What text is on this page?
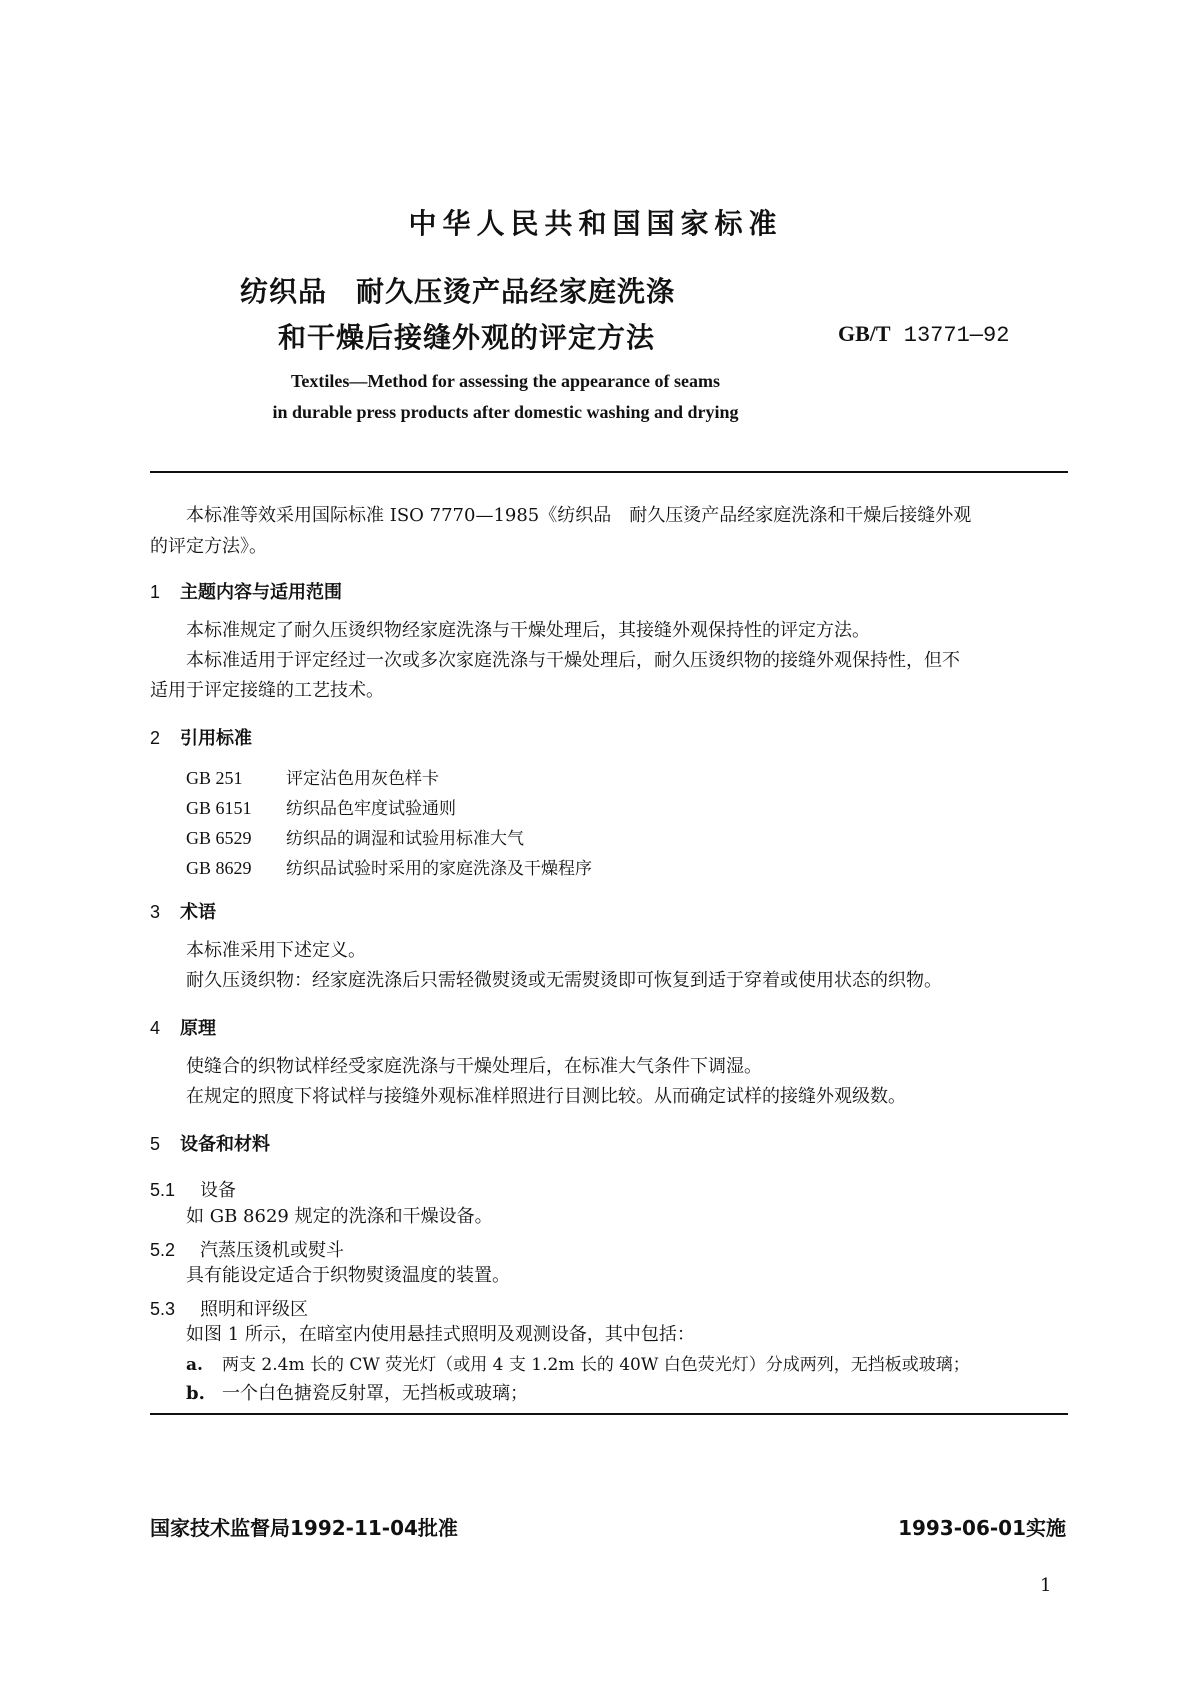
中华人民共和国国家标准
纺织品　耐久压烫产品经家庭洗涤
和干燥后接缝外观的评定方法	GB/T 13771—92
Textiles—Method for assessing the appearance of seams
in durable press products after domestic washing and drying
本标准等效采用国际标准 ISO 7770—1985《纺织品　耐久压烫产品经家庭洗涤和干燥后接缝外观
的评定方法》。
1 主题内容与适用范围
本标准规定了耐久压烫织物经家庭洗涤与干燥处理后，其接缝外观保持性的评定方法。
本标准适用于评定经过一次或多次家庭洗涤与干燥处理后，耐久压烫织物的接缝外观保持性，但不
适用于评定接缝的工艺技术。
2 引用标准
GB 251	评定沾色用灰色样卡
GB 6151 纺织品色牢度试验通则
GB 6529 纺织品的调湿和试验用标准大气
GB 8629 纺织品试验时采用的家庭洗涤及干燥程序
3 术语
本标准采用下述定义。
耐久压烫织物：经家庭洗涤后只需轻微熨烫或无需熨烫即可恢复到适于穿着或使用状态的织物。
4 原理
使缝合的织物试样经受家庭洗涤与干燥处理后，在标准大气条件下调湿。
在规定的照度下将试样与接缝外观标准样照进行目测比较。从而确定试样的接缝外观级数。
5 设备和材料
5.1 设备
如 GB 8629 规定的洗涤和干燥设备。
5.2 汽蒸压烫机或熨斗
具有能设定适合于织物熨烫温度的装置。
5.3 照明和评级区
如图 1 所示，在暗室内使用悬挂式照明及观测设备，其中包括：
a. 两支 2.4m 长的 CW 荧光灯（或用 4 支 1.2m 长的 40W 白色荧光灯）分成两列，无挡板或玻璃；
b. 一个白色搪瓷反射罩，无挡板或玻璃；
国家技术监督局1992-11-04批准	1993-06-01实施
1
